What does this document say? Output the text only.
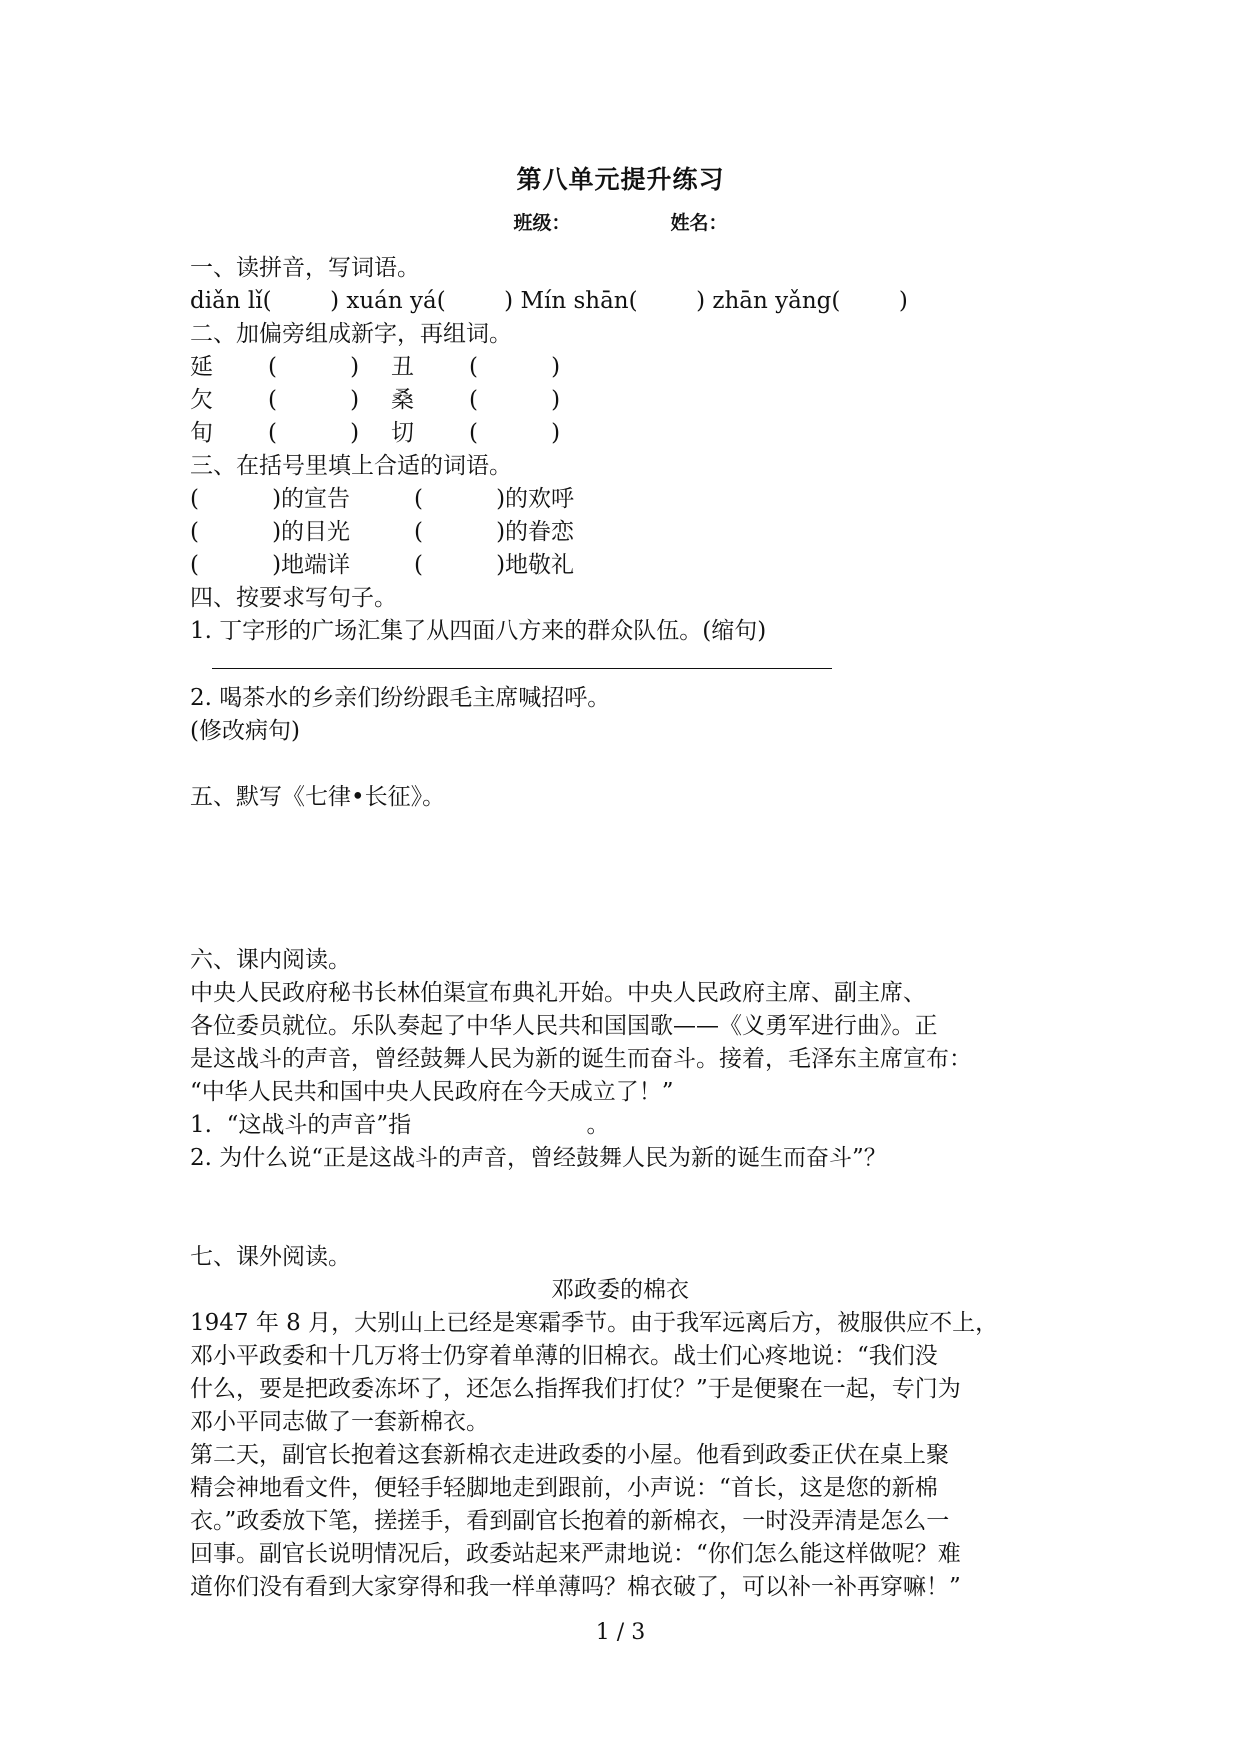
第八单元提升练习
班级：	姓名：
一、读拼音，写词语。
diǎn lǐ(        ) xuán yá(        ) Mín shān(        ) zhān yǎng(        )
二、加偏旁组成新字，再组词。
延	(          )	丑	(          )
欠	(          )	桑	(          )
旬	(          )	切	(          )
三、在括号里填上合适的词语。
(          )的宣告	(          )的欢呼
(          )的目光	(          )的眷恋
(          )地端详	(          )地敬礼
四、按要求写句子。
1. 丁字形的广场汇集了从四面八方来的群众队伍。(缩句)
2. 喝茶水的乡亲们纷纷跟毛主席喊招呼。
(修改病句)
五、默写《七律•长征》。
六、课内阅读。
中央人民政府秘书长林伯渠宣布典礼开始。中央人民政府主席、副主席、
各位委员就位。乐队奏起了中华人民共和国国歌——《义勇军进行曲》。正
是这战斗的声音，曾经鼓舞人民为新的诞生而奋斗。接着，毛泽东主席宣布：
“中华人民共和国中央人民政府在今天成立了！”
1.  “这战斗的声音”指                        。
2. 为什么说“正是这战斗的声音，曾经鼓舞人民为新的诞生而奋斗”？
七、课外阅读。
邓政委的棉衣
1947 年 8 月，大别山上已经是寒霜季节。由于我军远离后方，被服供应不上，
邓小平政委和十几万将士仍穿着单薄的旧棉衣。战士们心疼地说：“我们没
什么，要是把政委冻坏了，还怎么指挥我们打仗？”于是便聚在一起，专门为
邓小平同志做了一套新棉衣。
第二天，副官长抱着这套新棉衣走进政委的小屋。他看到政委正伏在桌上聚
精会神地看文件，便轻手轻脚地走到跟前，小声说：“首长，这是您的新棉
衣。”政委放下笔，搓搓手，看到副官长抱着的新棉衣，一时没弄清是怎么一
回事。副官长说明情况后，政委站起来严肃地说：“你们怎么能这样做呢？难
道你们没有看到大家穿得和我一样单薄吗？棉衣破了，可以补一补再穿嘛！”
1 / 3
